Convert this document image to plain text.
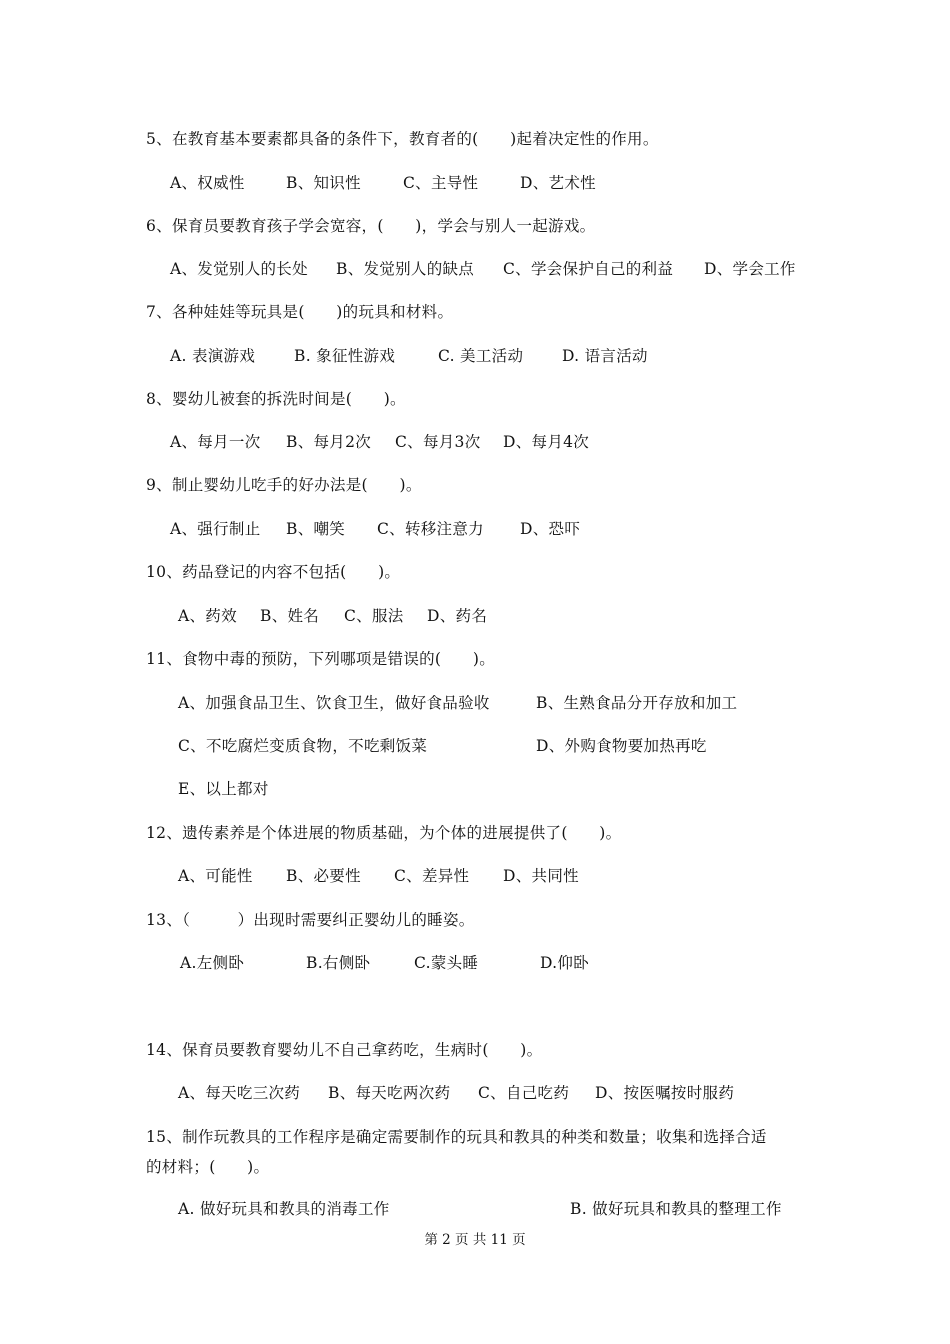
5、在教育基本要素都具备的条件下，教育者的(　　)起着决定性的作用。
A、权威性	B、知识性	C、主导性	D、艺术性
6、保育员要教育孩子学会宽容，(　　)，学会与别人一起游戏。
A、发觉别人的长处 B、发觉别人的缺点 C、学会保护自己的利益 D、学会工作
7、各种娃娃等玩具是(　　)的玩具和材料。
A. 表演游戏	B. 象征性游戏	C. 美工活动 D. 语言活动
8、婴幼儿被套的拆洗时间是(　　)。
A、每月一次 B、每月2次 C、每月3次 D、每月4次
9、制止婴幼儿吃手的好办法是(　　)。
A、强行制止 B、嘲笑 C、转移注意力 D、恐吓
10、药品登记的内容不包括(　　)。
A、药效 B、姓名 C、服法 D、药名
11、食物中毒的预防，下列哪项是错误的(　　)。
A、加强食品卫生、饮食卫生，做好食品验收	B、生熟食品分开存放和加工
C、不吃腐烂变质食物，不吃剩饭菜	D、外购食物要加热再吃
E、以上都对
12、遗传素养是个体进展的物质基础，为个体的进展提供了(　　)。
A、可能性 B、必要性 C、差异性 D、共同性
13、（　　　）出现时需要纠正婴幼儿的睡姿。
A.左侧卧	B.右侧卧	C.蒙头睡	D.仰卧
14、保育员要教育婴幼儿不自己拿药吃，生病时(　　)。
A、每天吃三次药 B、每天吃两次药 C、自己吃药 D、按医嘱按时服药
15、制作玩教具的工作程序是确定需要制作的玩具和教具的种类和数量；收集和选择合适
的材料；(　　)。
A. 做好玩具和教具的消毒工作	B. 做好玩具和教具的整理工作
第 2 页 共 11 页
